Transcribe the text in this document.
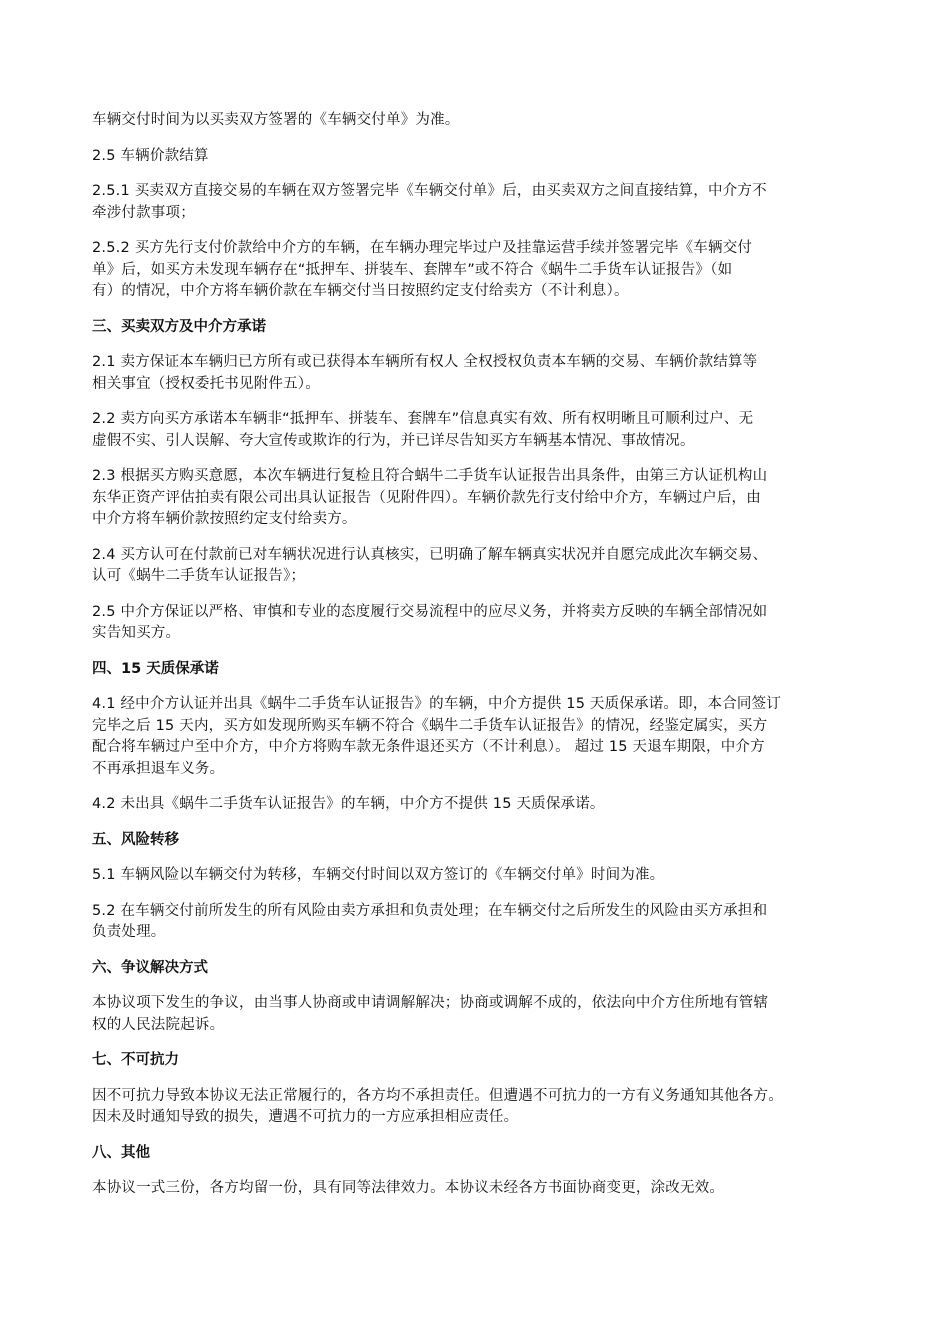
车辆交付时间为以买卖双方签署的《车辆交付单》为准。
2.5 车辆价款结算
2.5.1 买卖双方直接交易的车辆在双方签署完毕《车辆交付单》后，由买卖双方之间直接结算，中介方不
牵涉付款事项；
2.5.2 买方先行支付价款给中介方的车辆，在车辆办理完毕过户及挂靠运营手续并签署完毕《车辆交付
单》后，如买方未发现车辆存在“抵押车、拼装车、套牌车”或不符合《蜗牛二手货车认证报告》（如
有）的情况，中介方将车辆价款在车辆交付当日按照约定支付给卖方（不计利息）。
三、买卖双方及中介方承诺
2.1 卖方保证本车辆归已方所有或已获得本车辆所有权人 全权授权负责本车辆的交易、车辆价款结算等
相关事宜（授权委托书见附件五）。
2.2 卖方向买方承诺本车辆非“抵押车、拼装车、套牌车”信息真实有效、所有权明晰且可顺利过户、无
虚假不实、引人误解、夸大宣传或欺诈的行为，并已详尽告知买方车辆基本情况、事故情况。
2.3 根据买方购买意愿，本次车辆进行复检且符合蜗牛二手货车认证报告出具条件，由第三方认证机构山
东华正资产评估拍卖有限公司出具认证报告（见附件四）。车辆价款先行支付给中介方，车辆过户后，由
中介方将车辆价款按照约定支付给卖方。
2.4 买方认可在付款前已对车辆状况进行认真核实，已明确了解车辆真实状况并自愿完成此次车辆交易、
认可《蜗牛二手货车认证报告》；
2.5 中介方保证以严格、审慎和专业的态度履行交易流程中的应尽义务，并将卖方反映的车辆全部情况如
实告知买方。
四、15 天质保承诺
4.1 经中介方认证并出具《蜗牛二手货车认证报告》的车辆，中介方提供 15 天质保承诺。即，本合同签订
完毕之后 15 天内，买方如发现所购买车辆不符合《蜗牛二手货车认证报告》的情况，经鉴定属实，买方
配合将车辆过户至中介方，中介方将购车款无条件退还买方（不计利息）。 超过 15 天退车期限，中介方
不再承担退车义务。
4.2 未出具《蜗牛二手货车认证报告》的车辆，中介方不提供 15 天质保承诺。
五、风险转移
5.1 车辆风险以车辆交付为转移，车辆交付时间以双方签订的《车辆交付单》时间为准。
5.2 在车辆交付前所发生的所有风险由卖方承担和负责处理；在车辆交付之后所发生的风险由买方承担和
负责处理。
六、争议解决方式
本协议项下发生的争议，由当事人协商或申请调解解决；协商或调解不成的，依法向中介方住所地有管辖
权的人民法院起诉。
七、不可抗力
因不可抗力导致本协议无法正常履行的，各方均不承担责任。但遭遇不可抗力的一方有义务通知其他各方。
因未及时通知导致的损失，遭遇不可抗力的一方应承担相应责任。
八、其他
本协议一式三份，各方均留一份，具有同等法律效力。本协议未经各方书面协商变更，涂改无效。
